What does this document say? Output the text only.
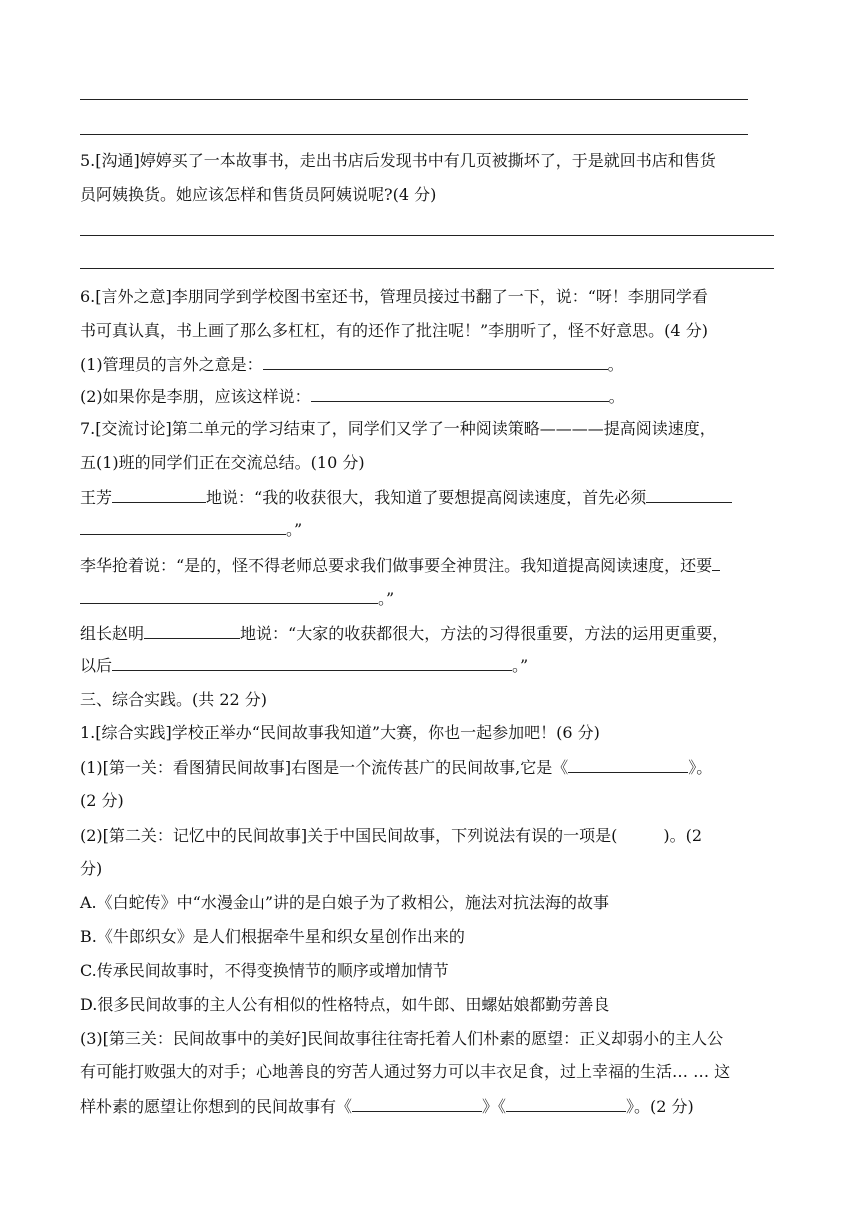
5.[沟通]婷婷买了一本故事书，走出书店后发现书中有几页被撕坏了，于是就回书店和售货
员阿姨换货。她应该怎样和售货员阿姨说呢?(4 分)
6.[言外之意]李朋同学到学校图书室还书，管理员接过书翻了一下，说：“呀！李朋同学看
书可真认真，书上画了那么多杠杠，有的还作了批注呢！”李朋听了，怪不好意思。(4 分)
(1)管理员的言外之意是：	。
(2)如果你是李朋，应该这样说：	。
7.[交流讨论]第二单元的学习结束了，同学们又学了一种阅读策略————提高阅读速度，
五(1)班的同学们正在交流总结。(10 分)
王芳	地说：“我的收获很大，我知道了要想提高阅读速度，首先必须
。”
李华抢着说：“是的，怪不得老师总要求我们做事要全神贯注。我知道提高阅读速度，还要
。”
组长赵明	地说：“大家的收获都很大，方法的习得很重要，方法的运用更重要，
以后	。”
三、综合实践。(共 22 分)
1.[综合实践]学校正举办“民间故事我知道”大赛，你也一起参加吧！(6 分)
(1)[第一关：看图猜民间故事]右图是一个流传甚广的民间故事,它是《	》。
(2 分)
(2)[第二关：记忆中的民间故事]关于中国民间故事，下列说法有误的一项是(	)。(2
分)
A.《白蛇传》中“水漫金山”讲的是白娘子为了救相公，施法对抗法海的故事
B.《牛郎织女》是人们根据牵牛星和织女星创作出来的
C.传承民间故事时，不得变换情节的顺序或增加情节
D.很多民间故事的主人公有相似的性格特点，如牛郎、田螺姑娘都勤劳善良
(3)[第三关：民间故事中的美好]民间故事往往寄托着人们朴素的愿望：正义却弱小的主人公
有可能打败强大的对手；心地善良的穷苦人通过努力可以丰衣足食，过上幸福的生活… … 这
样朴素的愿望让你想到的民间故事有《	》《	》。(2 分)
